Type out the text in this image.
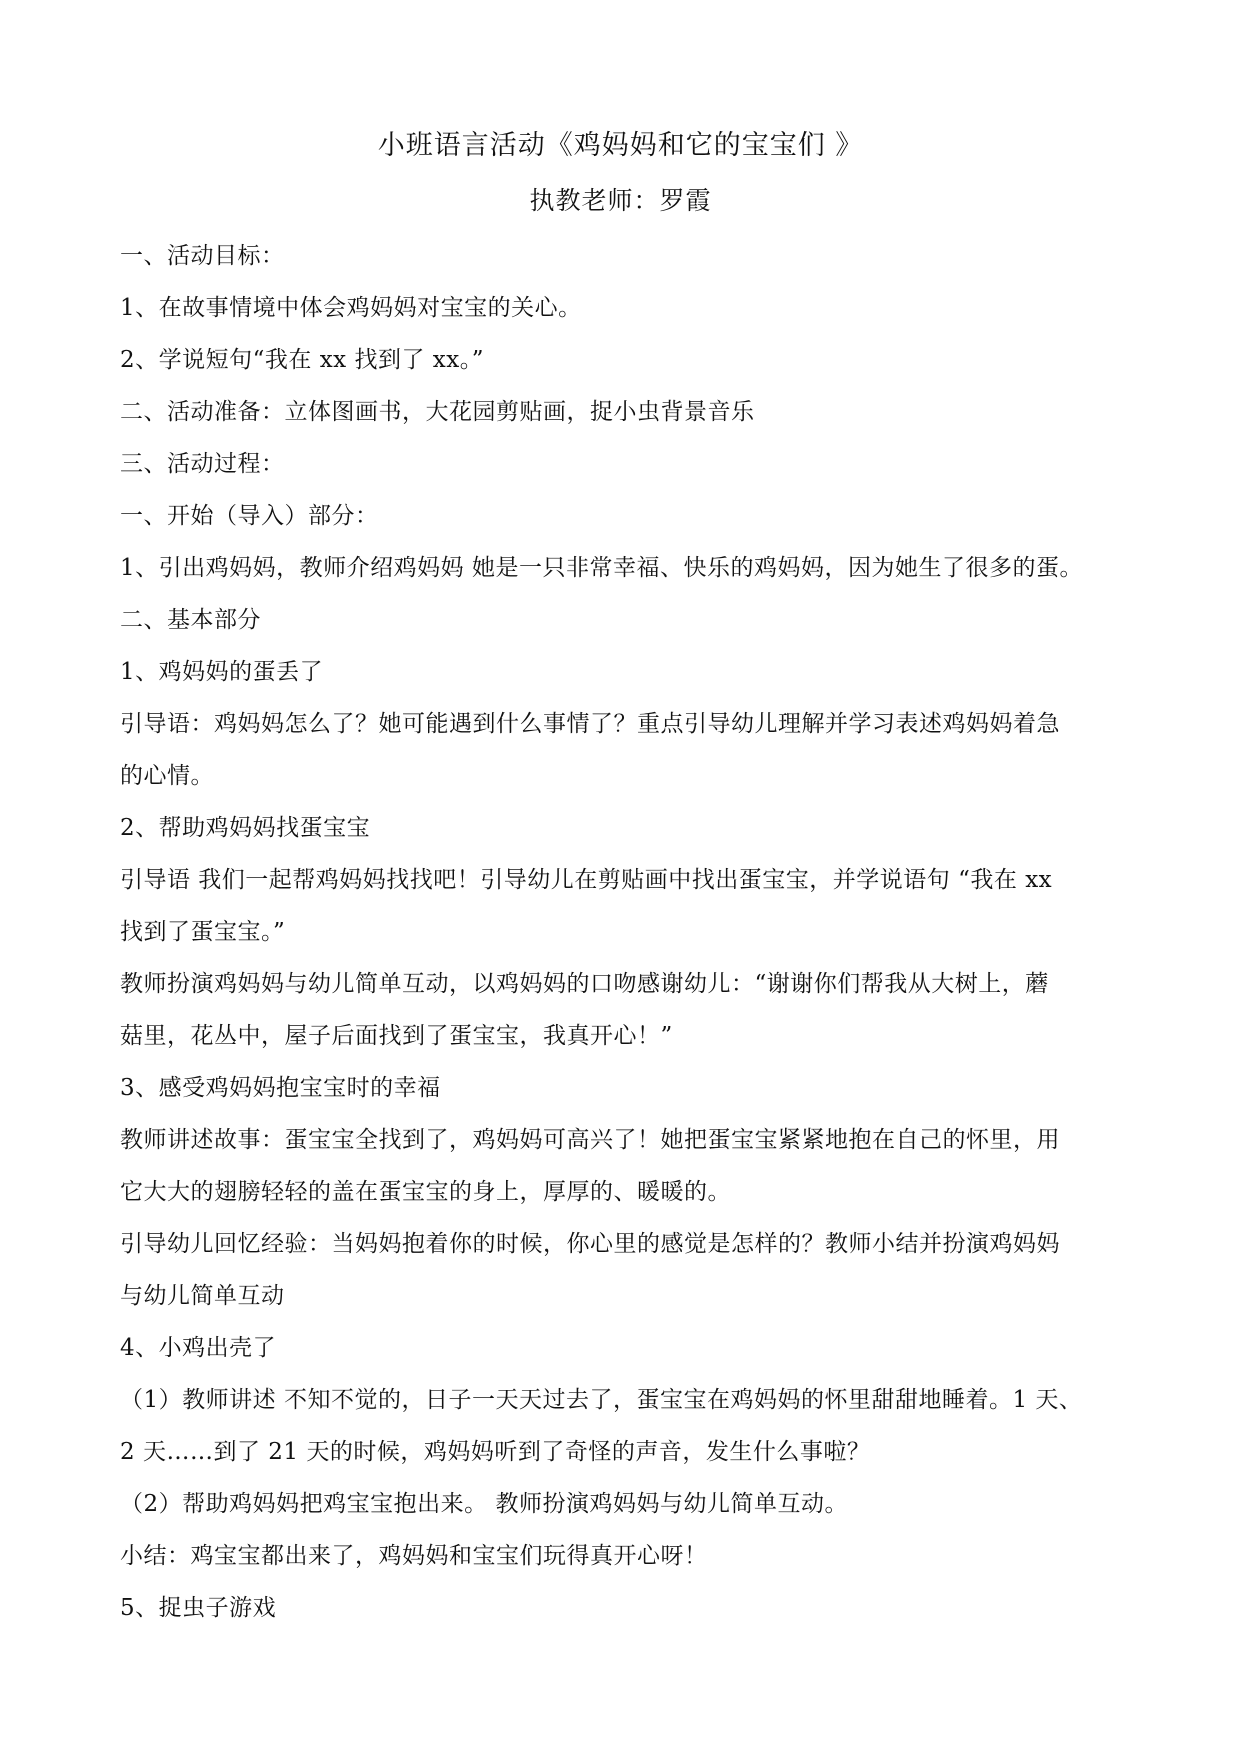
小班语言活动《鸡妈妈和它的宝宝们 》
执教老师：罗霞
一、活动目标：
1、在故事情境中体会鸡妈妈对宝宝的关心。
2、学说短句“我在 xx 找到了 xx。”
二、活动准备：立体图画书，大花园剪贴画，捉小虫背景音乐
三、活动过程：
一、开始（导入）部分：
1、引出鸡妈妈，教师介绍鸡妈妈 她是一只非常幸福、快乐的鸡妈妈，因为她生了很多的蛋。
二、基本部分
1、鸡妈妈的蛋丢了
引导语：鸡妈妈怎么了？她可能遇到什么事情了？重点引导幼儿理解并学习表述鸡妈妈着急
的心情。
2、帮助鸡妈妈找蛋宝宝
引导语 我们一起帮鸡妈妈找找吧！引导幼儿在剪贴画中找出蛋宝宝，并学说语句 “我在 xx
找到了蛋宝宝。”
教师扮演鸡妈妈与幼儿简单互动，以鸡妈妈的口吻感谢幼儿：“谢谢你们帮我从大树上，蘑
菇里，花丛中，屋子后面找到了蛋宝宝，我真开心！”
3、感受鸡妈妈抱宝宝时的幸福
教师讲述故事：蛋宝宝全找到了，鸡妈妈可高兴了！她把蛋宝宝紧紧地抱在自己的怀里，用
它大大的翅膀轻轻的盖在蛋宝宝的身上，厚厚的、暖暖的。
引导幼儿回忆经验：当妈妈抱着你的时候，你心里的感觉是怎样的？教师小结并扮演鸡妈妈
与幼儿简单互动
4、小鸡出壳了
（1）教师讲述 不知不觉的，日子一天天过去了，蛋宝宝在鸡妈妈的怀里甜甜地睡着。1 天、
2 天……到了 21 天的时候，鸡妈妈听到了奇怪的声音，发生什么事啦？
（2）帮助鸡妈妈把鸡宝宝抱出来。 教师扮演鸡妈妈与幼儿简单互动。
小结：鸡宝宝都出来了，鸡妈妈和宝宝们玩得真开心呀！
5、捉虫子游戏
